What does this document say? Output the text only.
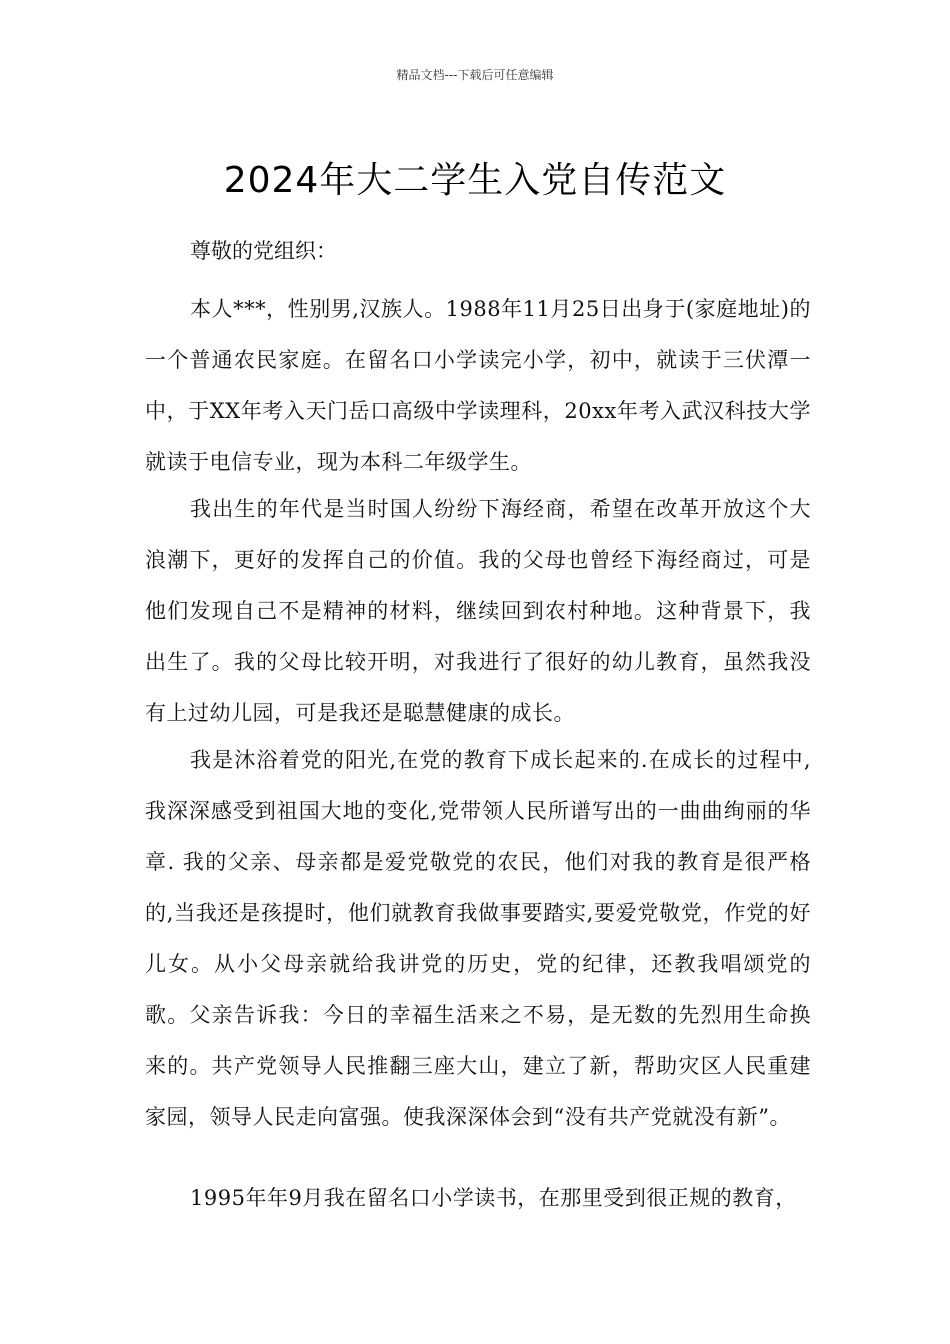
精品文档---下载后可任意编辑
2024年大二学生入党自传范文
尊敬的党组织：

本人***，性别男,汉族人。1988年11月25日出身于(家庭地址)的一个普通农民家庭。在留名口小学读完小学，初中，就读于三伏潭一中，于XX年考入天门岳口高级中学读理科，20xx年考入武汉科技大学就读于电信专业，现为本科二年级学生。

我出生的年代是当时国人纷纷下海经商，希望在改革开放这个大浪潮下，更好的发挥自己的价值。我的父母也曾经下海经商过，可是他们发现自己不是精神的材料，继续回到农村种地。这种背景下，我出生了。我的父母比较开明，对我进行了很好的幼儿教育，虽然我没有上过幼儿园，可是我还是聪慧健康的成长。

我是沐浴着党的阳光,在党的教育下成长起来的.在成长的过程中,我深深感受到祖国大地的变化,党带领人民所谱写出的一曲曲绚丽的华章. 我的父亲、母亲都是爱党敬党的农民，他们对我的教育是很严格的,当我还是孩提时，他们就教育我做事要踏实,要爱党敬党，作党的好儿女。从小父母亲就给我讲党的历史，党的纪律，还教我唱颂党的歌。父亲告诉我：今日的幸福生活来之不易，是无数的先烈用生命换来的。共产党领导人民推翻三座大山，建立了新，帮助灾区人民重建家园，领导人民走向富强。使我深深体会到“没有共产党就没有新”。

1995年年9月我在留名口小学读书，在那里受到很正规的教育，
